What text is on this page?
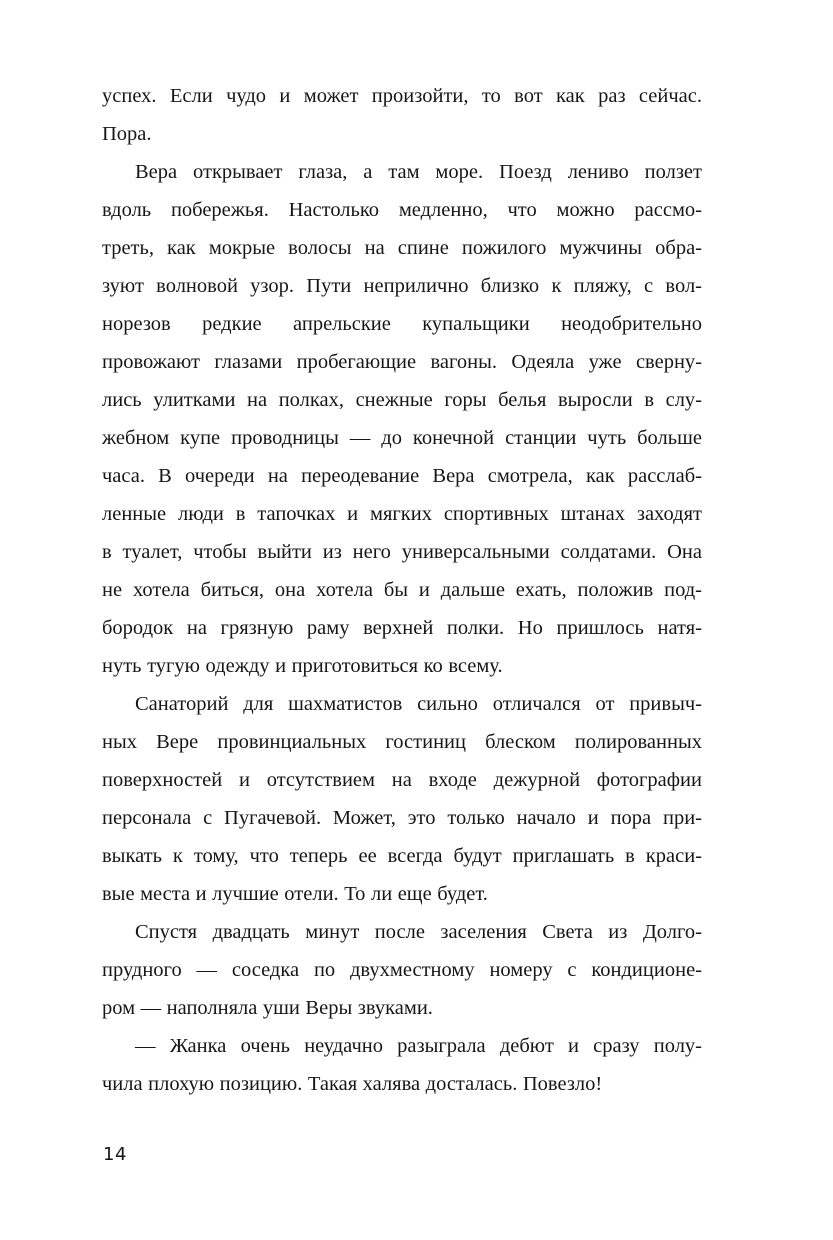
успех. Если чудо и может произойти, то вот как раз сейчас.
Пора.

Вера открывает глаза, а там море. Поезд лениво ползет
вдоль побережья. Настолько медленно, что можно рассмо-
треть, как мокрые волосы на спине пожилого мужчины обра-
зуют волновой узор. Пути неприлично близко к пляжу, с вол-
норезов редкие апрельские купальщики неодобрительно
провожают глазами пробегающие вагоны. Одеяла уже сверну-
лись улитками на полках, снежные горы белья выросли в слу-
жебном купе проводницы — до конечной станции чуть больше
часа. В очереди на переодевание Вера смотрела, как расслаб-
ленные люди в тапочках и мягких спортивных штанах заходят
в туалет, чтобы выйти из него универсальными солдатами. Она
не хотела биться, она хотела бы и дальше ехать, положив под-
бородок на грязную раму верхней полки. Но пришлось натя-
нуть тугую одежду и приготовиться ко всему.

Санаторий для шахматистов сильно отличался от привыч-
ных Вере провинциальных гостиниц блеском полированных
поверхностей и отсутствием на входе дежурной фотографии
персонала с Пугачевой. Может, это только начало и пора при-
выкать к тому, что теперь ее всегда будут приглашать в краси-
вые места и лучшие отели. То ли еще будет.

Спустя двадцать минут после заселения Света из Долго-
прудного — соседка по двухместному номеру с кондиционе-
ром — наполняла уши Веры звуками.

— Жанка очень неудачно разыграла дебют и сразу полу-
чила плохую позицию. Такая халява досталась. Повезло!

14
